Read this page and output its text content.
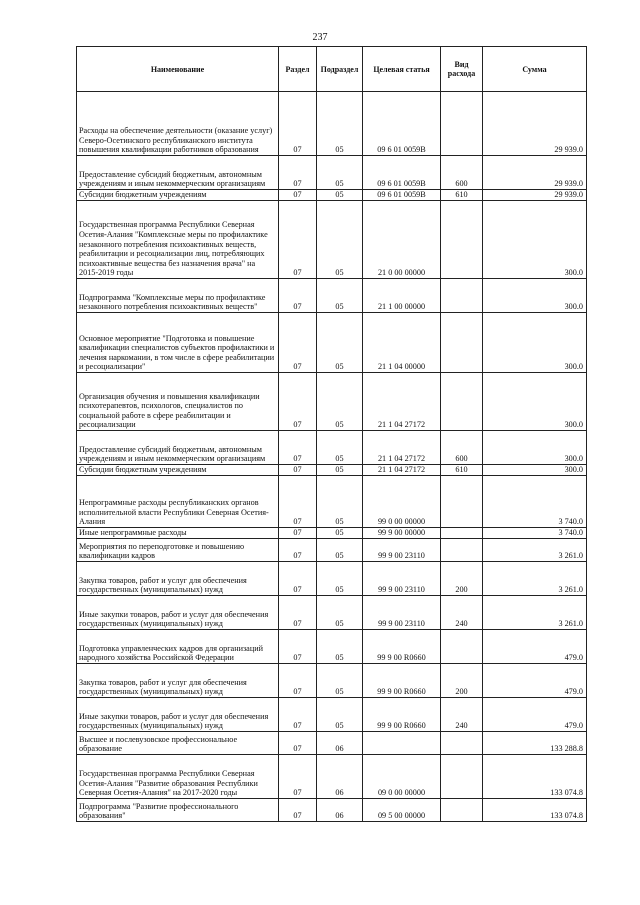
237
Наименование	Раздел	Подраздел	Целевая статья	Вид расхода	Сумма
Расходы на обеспечение деятельности (оказание услуг) Северо-Осетинского республиканского института повышения квалификации работников образования	07	05	09 6 01 0059В		29 939.0
Предоставление субсидий бюджетным, автономным учреждениям и иным некоммерческим организациям	07	05	09 6 01 0059В	600	29 939.0
Субсидии бюджетным учреждениям	07	05	09 6 01 0059В	610	29 939.0
Государственная программа Республики Северная Осетия-Алания "Комплексные меры по профилактике незаконного потребления психоактивных веществ, реабилитации и ресоциализации лиц, потребляющих психоактивные вещества без назначения врача" на 2015-2019 годы	07	05	21 0 00 00000		300.0
Подпрограмма "Комплексные меры по профилактике незаконного потребления психоактивных веществ"	07	05	21 1 00 00000		300.0
Основное мероприятие "Подготовка и повышение квалификации специалистов субъектов профилактики и лечения наркомании, в том числе в сфере реабилитации и ресоциализации"	07	05	21 1 04 00000		300.0
Организация обучения и повышения квалификации психотерапевтов, психологов, специалистов по социальной работе в сфере реабилитации и ресоциализации	07	05	21 1 04 27172		300.0
Предоставление субсидий бюджетным, автономным учреждениям и иным некоммерческим организациям	07	05	21 1 04 27172	600	300.0
Субсидии бюджетным учреждениям	07	05	21 1 04 27172	610	300.0
Непрограммные расходы республиканских органов исполнительной власти Республики Северная Осетия-Алания	07	05	99 0 00 00000		3 740.0
Иные непрограммные расходы	07	05	99 9 00 00000		3 740.0
Мероприятия по переподготовке и повышению квалификации кадров	07	05	99 9 00 23110		3 261.0
Закупка товаров, работ и услуг для обеспечения государственных (муниципальных) нужд	07	05	99 9 00 23110	200	3 261.0
Иные закупки товаров, работ и услуг для обеспечения государственных (муниципальных) нужд	07	05	99 9 00 23110	240	3 261.0
Подготовка управленческих кадров для организаций народного хозяйства Российской Федерации	07	05	99 9 00 R0660		479.0
Закупка товаров, работ и услуг для обеспечения государственных (муниципальных) нужд	07	05	99 9 00 R0660	200	479.0
Иные закупки товаров, работ и услуг для обеспечения государственных (муниципальных) нужд	07	05	99 9 00 R0660	240	479.0
Высшее и послевузовское профессиональное образование	07	06			133 288.8
Государственная программа Республики Северная Осетия-Алания "Развитие образования Республики Северная Осетия-Алания" на 2017-2020 годы	07	06	09 0 00 00000		133 074.8
Подпрограмма "Развитие профессионального образования"	07	06	09 5 00 00000		133 074.8
